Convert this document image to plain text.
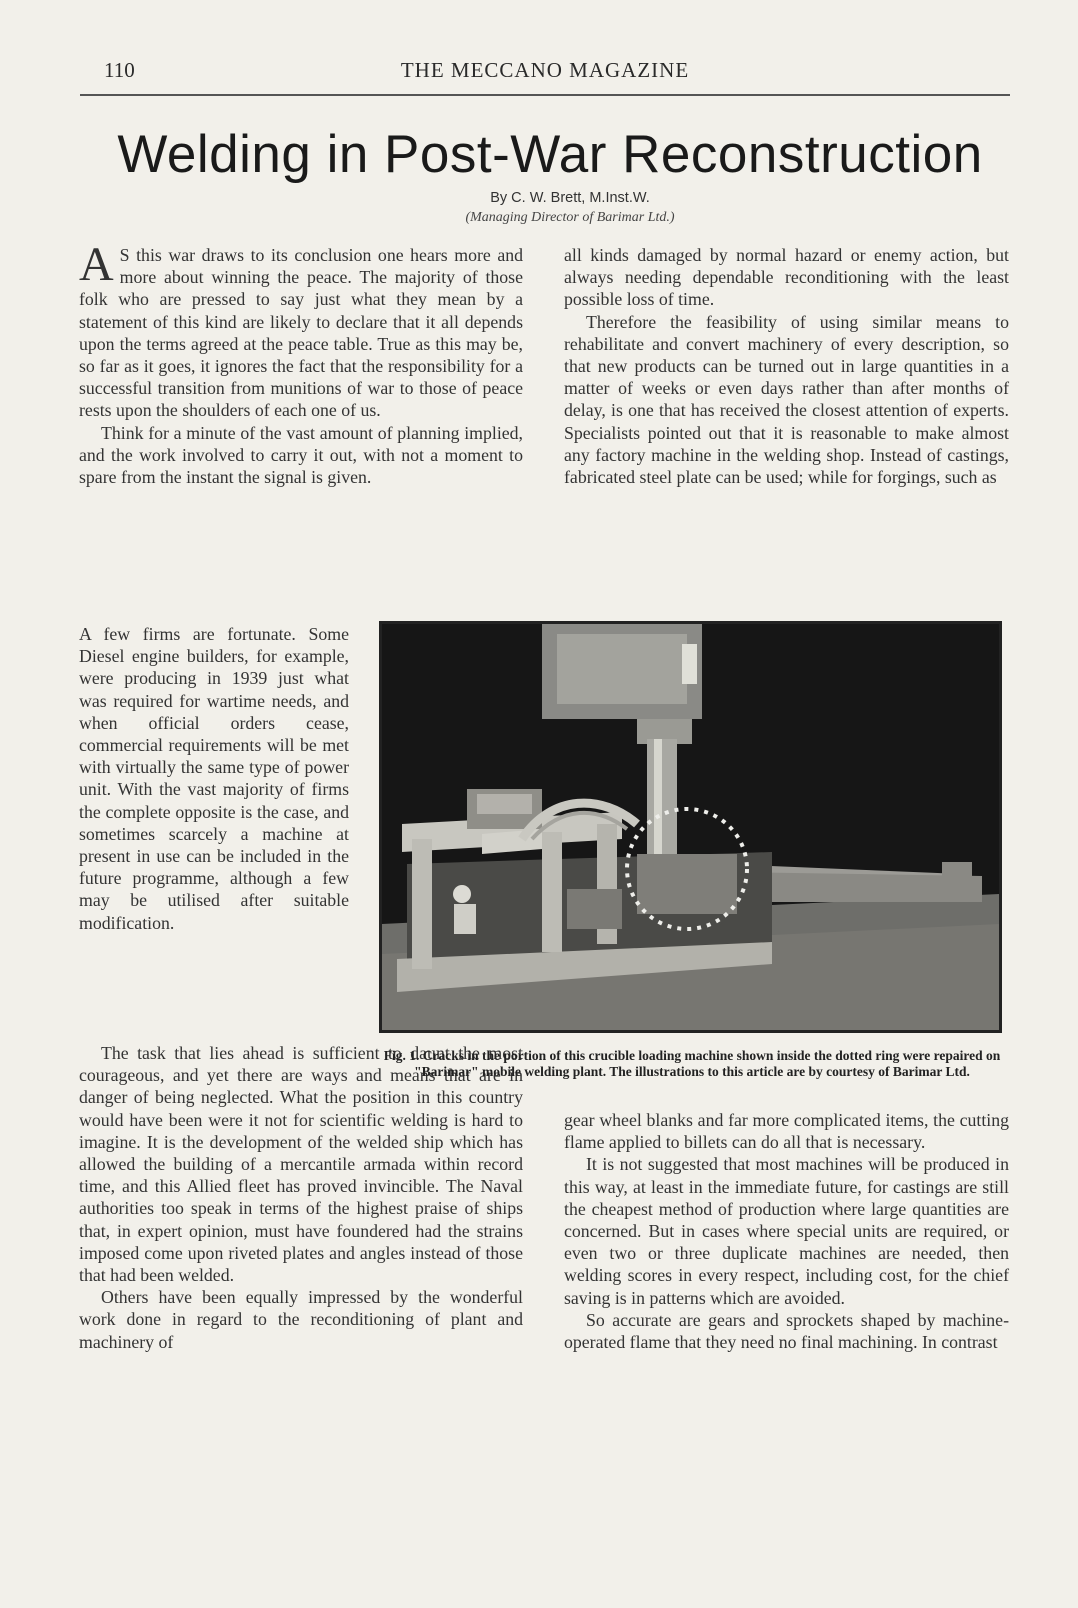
110	THE MECCANO MAGAZINE
Welding in Post-War Reconstruction
By C. W. Brett, M.Inst.W.
(Managing Director of Barimar Ltd.)

A S this war draws to its conclusion one hears more and more about winning the peace. The majority of those folk who are pressed to say just what they mean by a statement of this kind are likely to declare that it all depends upon the terms agreed at the peace table. True as this may be, so far as it goes, it ignores the fact that the responsibility for a successful transition from munitions of war to those of peace rests upon the shoulders of each one of us.

Think for a minute of the vast amount of planning implied, and the work involved to carry it out, with not a moment to spare from the instant the signal is given.

A few firms are fortunate. Some Diesel engine builders, for example, were producing in 1939 just what was required for wartime needs, and when official orders cease, commercial requirements will be met with virtually the same type of power unit. With the vast majority of firms the complete opposite is the case, and sometimes scarcely a machine at present in use can be included in the future programme, although a few may be utilised after suitable modification.

The task that lies ahead is sufficient to daunt the most courageous, and yet there are ways and means that are in danger of being neglected. What the position in this country would have been were it not for scientific welding is hard to imagine. It is the development of the welded ship which has allowed the building of a mercantile armada within record time, and this Allied fleet has proved invincible. The Naval authorities too speak in terms of the highest praise of ships that, in expert opinion, must have foundered had the strains imposed come upon riveted plates and angles instead of those that had been welded.

Others have been equally impressed by the wonderful work done in regard to the reconditioning of plant and machinery of

all kinds damaged by normal hazard or enemy action, but always needing dependable reconditioning with the least possible loss of time.

Therefore the feasibility of using similar means to rehabilitate and convert machinery of every description, so that new products can be turned out in large quantities in a matter of weeks or even days rather than after months of delay, is one that has received the closest attention of experts. Specialists pointed out that it is reasonable to make almost any factory machine in the welding shop. Instead of castings, fabricated steel plate can be used; while for forgings, such as

gear wheel blanks and far more complicated items, the cutting flame applied to billets can do all that is necessary.

It is not suggested that most machines will be produced in this way, at least in the immediate future, for castings are still the cheapest method of production where large quantities are concerned. But in cases where special units are required, or even two or three duplicate machines are needed, then welding scores in every respect, including cost, for the chief saving is in patterns which are avoided.

So accurate are gears and sprockets shaped by machine-operated flame that they need no final machining. In contrast

Fig. 1. Cracks in the portion of this crucible loading machine shown inside the dotted ring were repaired on "Barimar" mobile welding plant. The illustrations to this article are by courtesy of Barimar Ltd.
